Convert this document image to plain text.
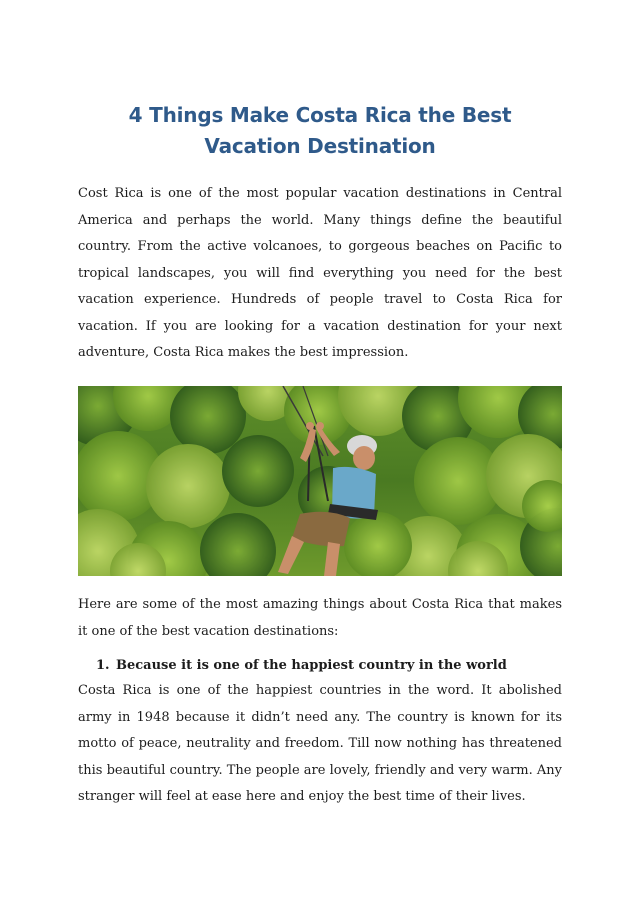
4 Things Make Costa Rica the Best Vacation Destination

Cost Rica is one of the most popular vacation destinations in Central America and perhaps the world. Many things define the beautiful country. From the active volcanoes, to gorgeous beaches on Pacific to tropical landscapes, you will find everything you need for the best vacation experience. Hundreds of people travel to Costa Rica for vacation. If you are looking for a vacation destination for your next adventure, Costa Rica makes the best impression.

Here are some of the most amazing things about Costa Rica that makes it one of the best vacation destinations:

1. Because it is one of the happiest country in the world

Costa Rica is one of the happiest countries in the word. It abolished army in 1948 because it didn’t need any. The country is known for its motto of peace, neutrality and freedom. Till now nothing has threatened this beautiful country. The people are lovely, friendly and very warm. Any stranger will feel at ease here and enjoy the best time of their lives.
